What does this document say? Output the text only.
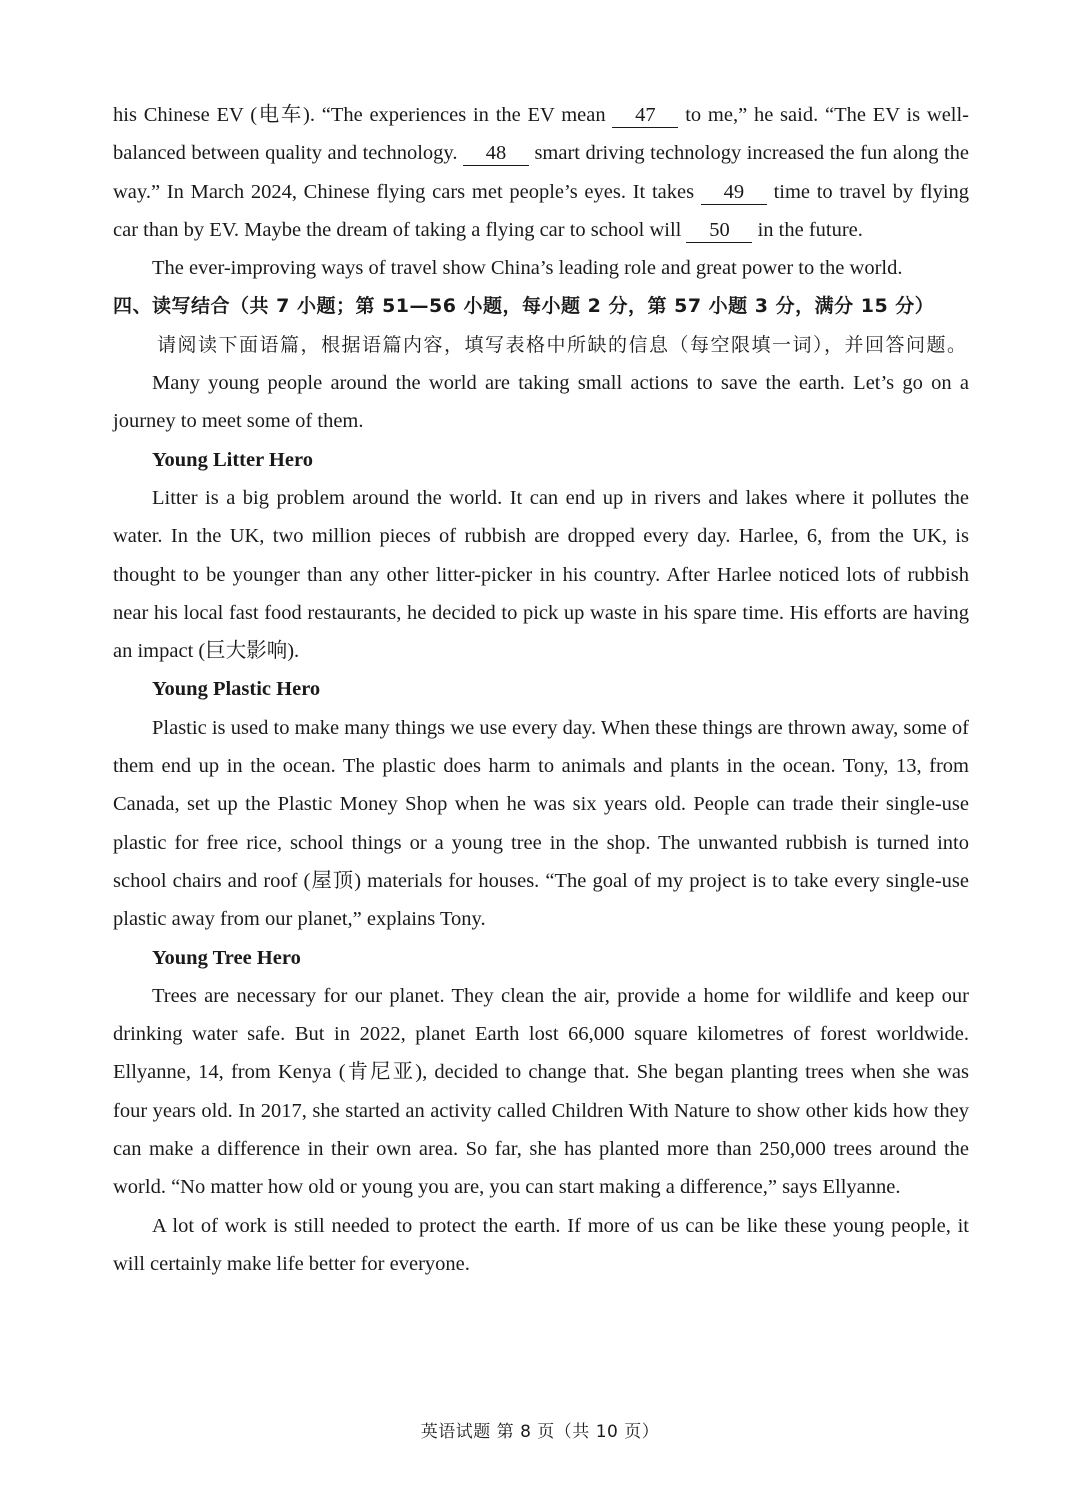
his Chinese EV (电车). “The experiences in the EV mean 47 to me,” he said. “The EV is well-balanced between quality and technology. 48 smart driving technology increased the fun along the way.” In March 2024, Chinese flying cars met people’s eyes. It takes 49 time to travel by flying car than by EV. Maybe the dream of taking a flying car to school will 50 in the future.

The ever-improving ways of travel show China’s leading role and great power to the world.

四、读写结合（共 7 小题；第 51—56 小题，每小题 2 分，第 57 小题 3 分，满分 15 分）

请阅读下面语篇，根据语篇内容，填写表格中所缺的信息（每空限填一词），并回答问题。

Many young people around the world are taking small actions to save the earth. Let’s go on a journey to meet some of them.

Young Litter Hero

Litter is a big problem around the world. It can end up in rivers and lakes where it pollutes the water. In the UK, two million pieces of rubbish are dropped every day. Harlee, 6, from the UK, is thought to be younger than any other litter-picker in his country. After Harlee noticed lots of rubbish near his local fast food restaurants, he decided to pick up waste in his spare time. His efforts are having an impact (巨大影响).

Young Plastic Hero

Plastic is used to make many things we use every day. When these things are thrown away, some of them end up in the ocean. The plastic does harm to animals and plants in the ocean. Tony, 13, from Canada, set up the Plastic Money Shop when he was six years old. People can trade their single-use plastic for free rice, school things or a young tree in the shop. The unwanted rubbish is turned into school chairs and roof (屋顶) materials for houses. “The goal of my project is to take every single-use plastic away from our planet,” explains Tony.

Young Tree Hero

Trees are necessary for our planet. They clean the air, provide a home for wildlife and keep our drinking water safe. But in 2022, planet Earth lost 66,000 square kilometres of forest worldwide. Ellyanne, 14, from Kenya (肯尼亚), decided to change that. She began planting trees when she was four years old. In 2017, she started an activity called Children With Nature to show other kids how they can make a difference in their own area. So far, she has planted more than 250,000 trees around the world. “No matter how old or young you are, you can start making a difference,” says Ellyanne.

A lot of work is still needed to protect the earth. If more of us can be like these young people, it will certainly make life better for everyone.

英语试题 第 8 页（共 10 页）
